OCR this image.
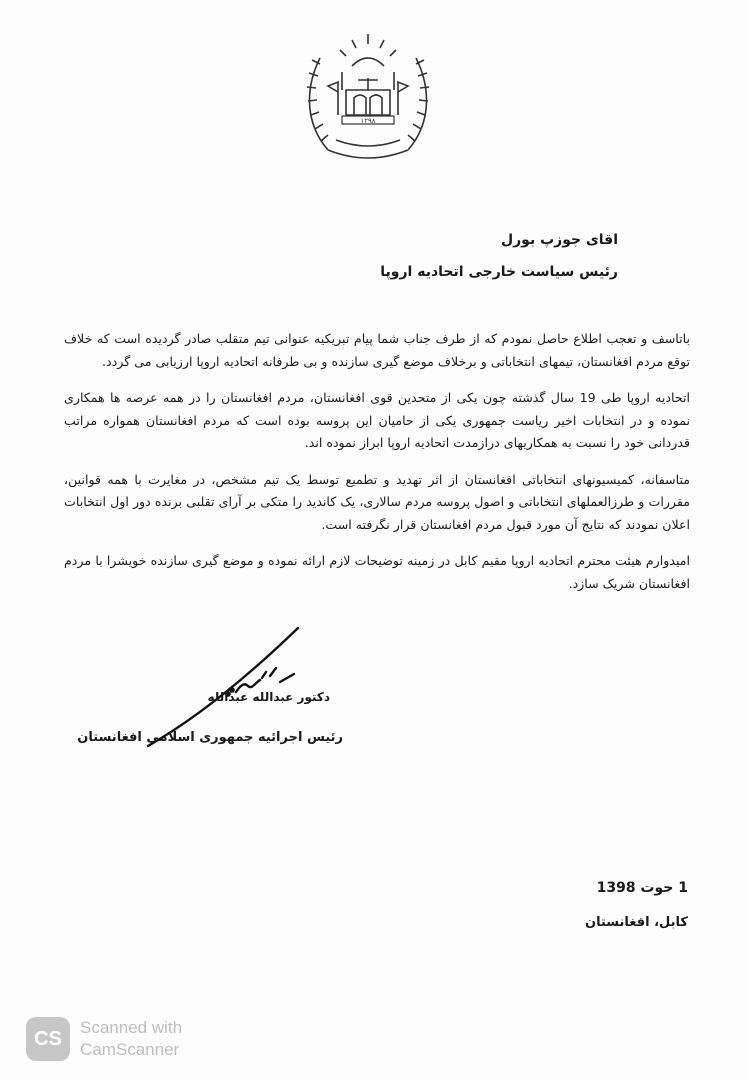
١٢٩٨
اقای جوزپ بورل
رئیس سیاست خارجی اتحادیه اروپا

باتاسف و تعجب اطلاع حاصل نمودم که از طرف جناب شما پیام تبریکیه عنوانی تیم متقلب صادر گردیده است که خلاف توقع مردم افغانستان، تیمهای انتخاباتی و برخلاف موضع گیری سازنده و بی طرفانه اتحادیه اروپا ارزیابی می گردد.

اتحادیه اروپا طی 19 سال گذشته چون یکی از متحدین قوی افغانستان، مردم افغانستان را در همه عرصه ها همکاری نموده و در انتخابات اخیر ریاست جمهوری یکی از حامیان این پروسه بوده است که مردم افغانستان همواره مراتب قدردانی خود را نسبت به همکاریهای درازمدت اتحادیه اروپا ابراز نموده اند.

متاسفانه، کمیسیونهای انتخاباتی افغانستان از اثر تهدید و تطمیع توسط یک تیم مشخص، در مغایرت با همه قوانین، مقررات و طرزالعملهای انتخاباتی و اصول پروسه مردم سالاری، یک کاندید را متکی بر آرای تقلبی برنده دور اول انتخابات اعلان نمودند که نتایج آن مورد قبول مردم افغانستان قرار نگرفته است.

امیدوارم هیئت محترم اتحادیه اروپا مقیم کابل در زمینه توضیحات لازم ارائه نموده و موضع گیری سازنده خویشرا با مردم افغانستان شریک سازد.

دکتور عبدالله عبدالله
رئیس اجرائیه جمهوری اسلامی افغانستان
1 حوت 1398
کابل، افغانستان
CS	Scanned with
CamScanner
